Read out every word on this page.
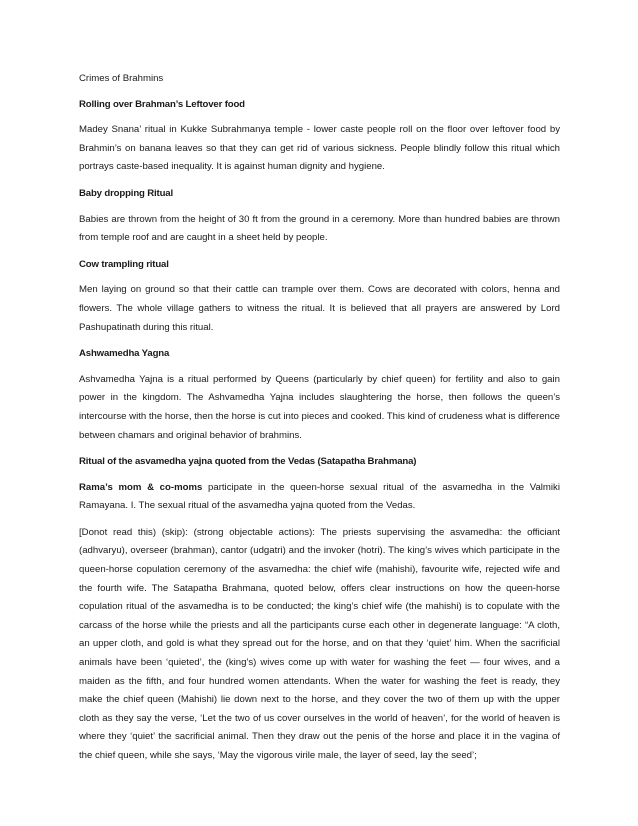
Crimes of Brahmins

Rolling over Brahman’s Leftover food

Madey Snana’ ritual in Kukke Subrahmanya temple - lower caste people roll on the floor over leftover food by Brahmin’s on banana leaves so that they can get rid of various sickness. People blindly follow this ritual which portrays caste-based inequality. It is against human dignity and hygiene.

Baby dropping Ritual

Babies are thrown from the height of 30 ft from the ground in a ceremony. More than hundred babies are thrown from temple roof and are caught in a sheet held by people.

Cow trampling ritual

Men laying on ground so that their cattle can trample over them. Cows are decorated with colors, henna and flowers. The whole village gathers to witness the ritual. It is believed that all prayers are answered by Lord Pashupatinath during this ritual.

Ashwamedha Yagna

Ashvamedha Yajna is a ritual performed by Queens (particularly by chief queen) for fertility and also to gain power in the kingdom. The Ashvamedha Yajna includes slaughtering the horse, then follows the queen’s intercourse with the horse, then the horse is cut into pieces and cooked. This kind of crudeness what is difference between chamars and original behavior of brahmins.

Ritual of the asvamedha yajna quoted from the Vedas (Satapatha Brahmana)

Rama’s mom & co-moms participate in the queen-horse sexual ritual of the asvamedha in the Valmiki Ramayana. I. The sexual ritual of the asvamedha yajna quoted from the Vedas.

[Donot read this) (skip): (strong objectable actions): The priests supervising the asvamedha: the officiant (adhvaryu), overseer (brahman), cantor (udgatri) and the invoker (hotri). The king’s wives which participate in the queen-horse copulation ceremony of the asvamedha: the chief wife (mahishi), favourite wife, rejected wife and the fourth wife. The Satapatha Brahmana, quoted below, offers clear instructions on how the queen-horse copulation ritual of the asvamedha is to be conducted; the king’s chief wife (the mahishi) is to copulate with the carcass of the horse while the priests and all the participants curse each other in degenerate language: “A cloth, an upper cloth, and gold is what they spread out for the horse, and on that they ‘quiet’ him. When the sacrificial animals have been ‘quieted’, the (king’s) wives come up with water for washing the feet — four wives, and a maiden as the fifth, and four hundred women attendants. When the water for washing the feet is ready, they make the chief queen (Mahishi) lie down next to the horse, and they cover the two of them up with the upper cloth as they say the verse, ‘Let the two of us cover ourselves in the world of heaven’, for the world of heaven is where they ‘quiet’ the sacrificial animal. Then they draw out the penis of the horse and place it in the vagina of the chief queen, while she says, ‘May the vigorous virile male, the layer of seed, lay the seed’;
